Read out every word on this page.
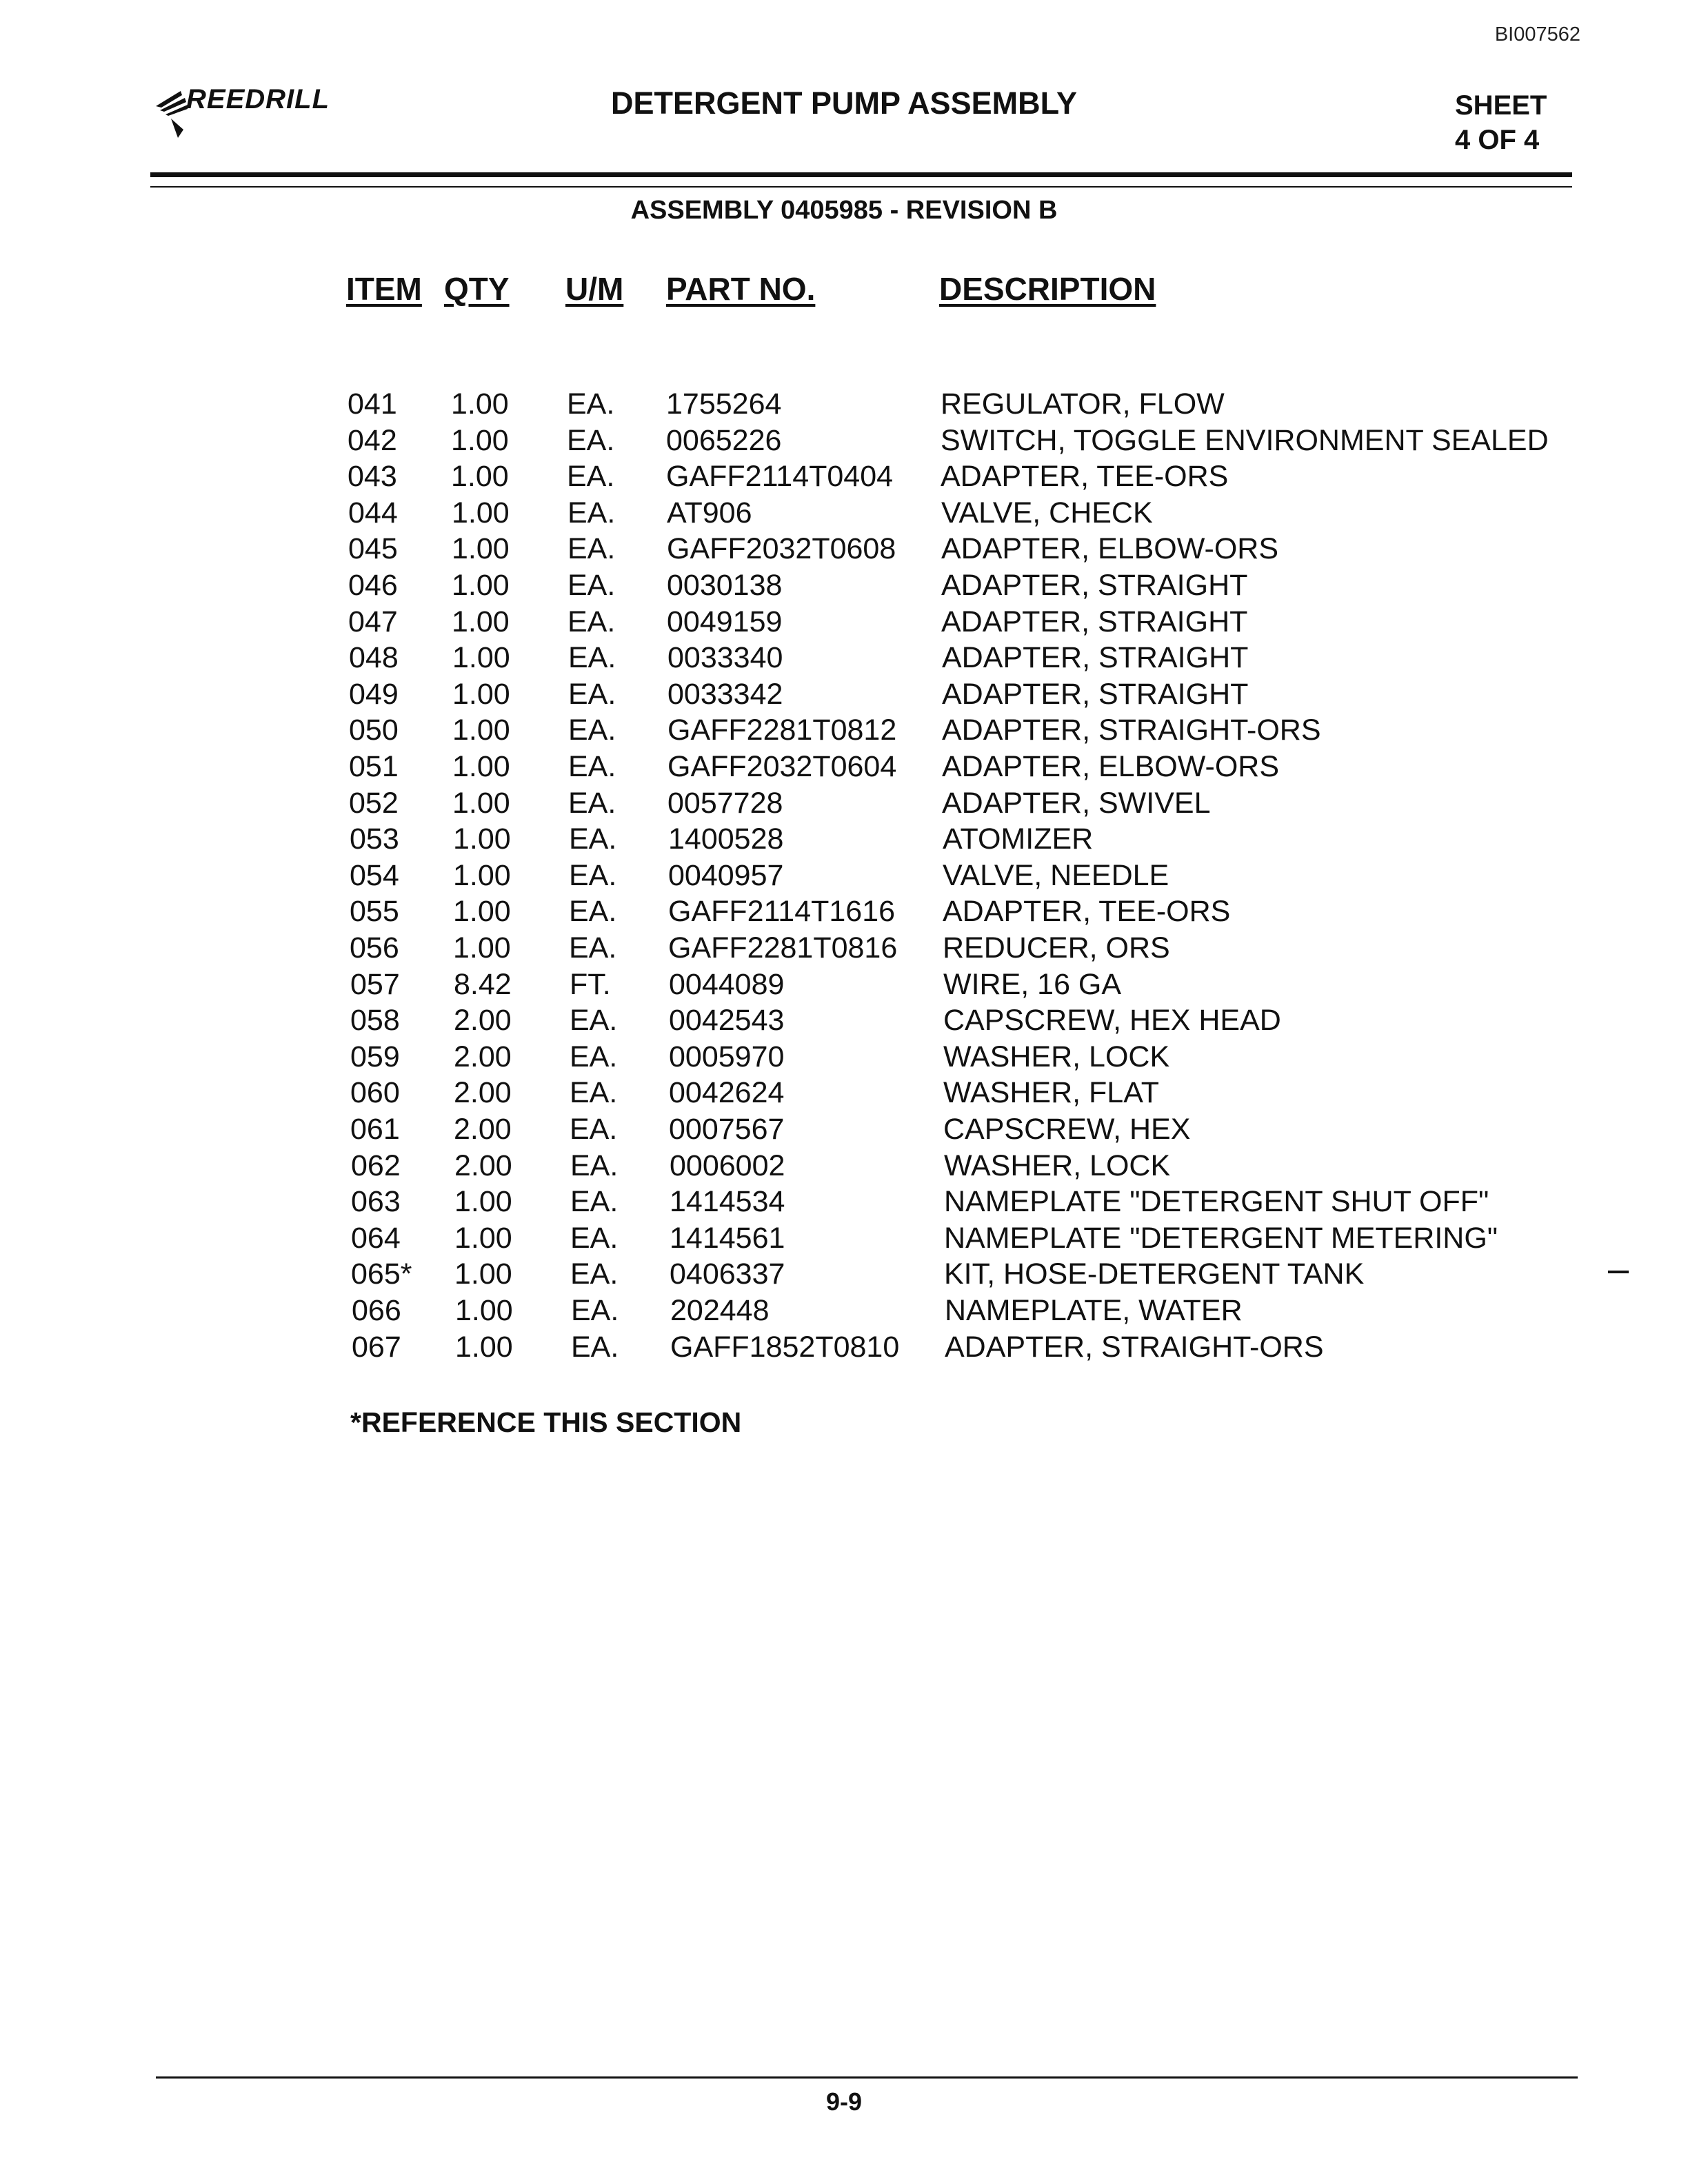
BI007562
REEDRILL	DETERGENT PUMP ASSEMBLY	SHEET
4 OF 4
ASSEMBLY 0405985 - REVISION B
ITEM QTY U/M PART NO.	DESCRIPTION
041 1.00 EA. 1755264	REGULATOR, FLOW
042 1.00 EA. 0065226	SWITCH, TOGGLE ENVIRONMENT SEALED
043 1.00 EA. GAFF2114T0404 ADAPTER, TEE-ORS
044 1.00 EA. AT906	VALVE, CHECK
045 1.00 EA. GAFF2032T0608 ADAPTER, ELBOW-ORS
046 1.00 EA. 0030138	ADAPTER, STRAIGHT
047 1.00 EA. 0049159	ADAPTER, STRAIGHT
048 1.00 EA. 0033340	ADAPTER, STRAIGHT
049 1.00 EA. 0033342	ADAPTER, STRAIGHT
050 1.00 EA. GAFF2281T0812 ADAPTER, STRAIGHT-ORS
051 1.00 EA. GAFF2032T0604 ADAPTER, ELBOW-ORS
052 1.00 EA. 0057728	ADAPTER, SWIVEL
053 1.00 EA. 1400528	ATOMIZER
054 1.00 EA. 0040957	VALVE, NEEDLE
055 1.00 EA. GAFF2114T1616 ADAPTER, TEE-ORS
056 1.00 EA. GAFF2281T0816 REDUCER, ORS
057 8.42 FT. 0044089	WIRE, 16 GA
058 2.00 EA. 0042543	CAPSCREW, HEX HEAD
059 2.00 EA. 0005970	WASHER, LOCK
060 2.00 EA. 0042624	WASHER, FLAT
061 2.00 EA. 0007567	CAPSCREW, HEX
062 2.00 EA. 0006002	WASHER, LOCK
063 1.00 EA. 1414534	NAMEPLATE "DETERGENT SHUT OFF"
064 1.00 EA. 1414561	NAMEPLATE "DETERGENT METERING"
065* 1.00 EA. 0406337	KIT, HOSE-DETERGENT TANK
066 1.00 EA. 202448	NAMEPLATE, WATER
067 1.00 EA. GAFF1852T0810 ADAPTER, STRAIGHT-ORS
*REFERENCE THIS SECTION
9-9
